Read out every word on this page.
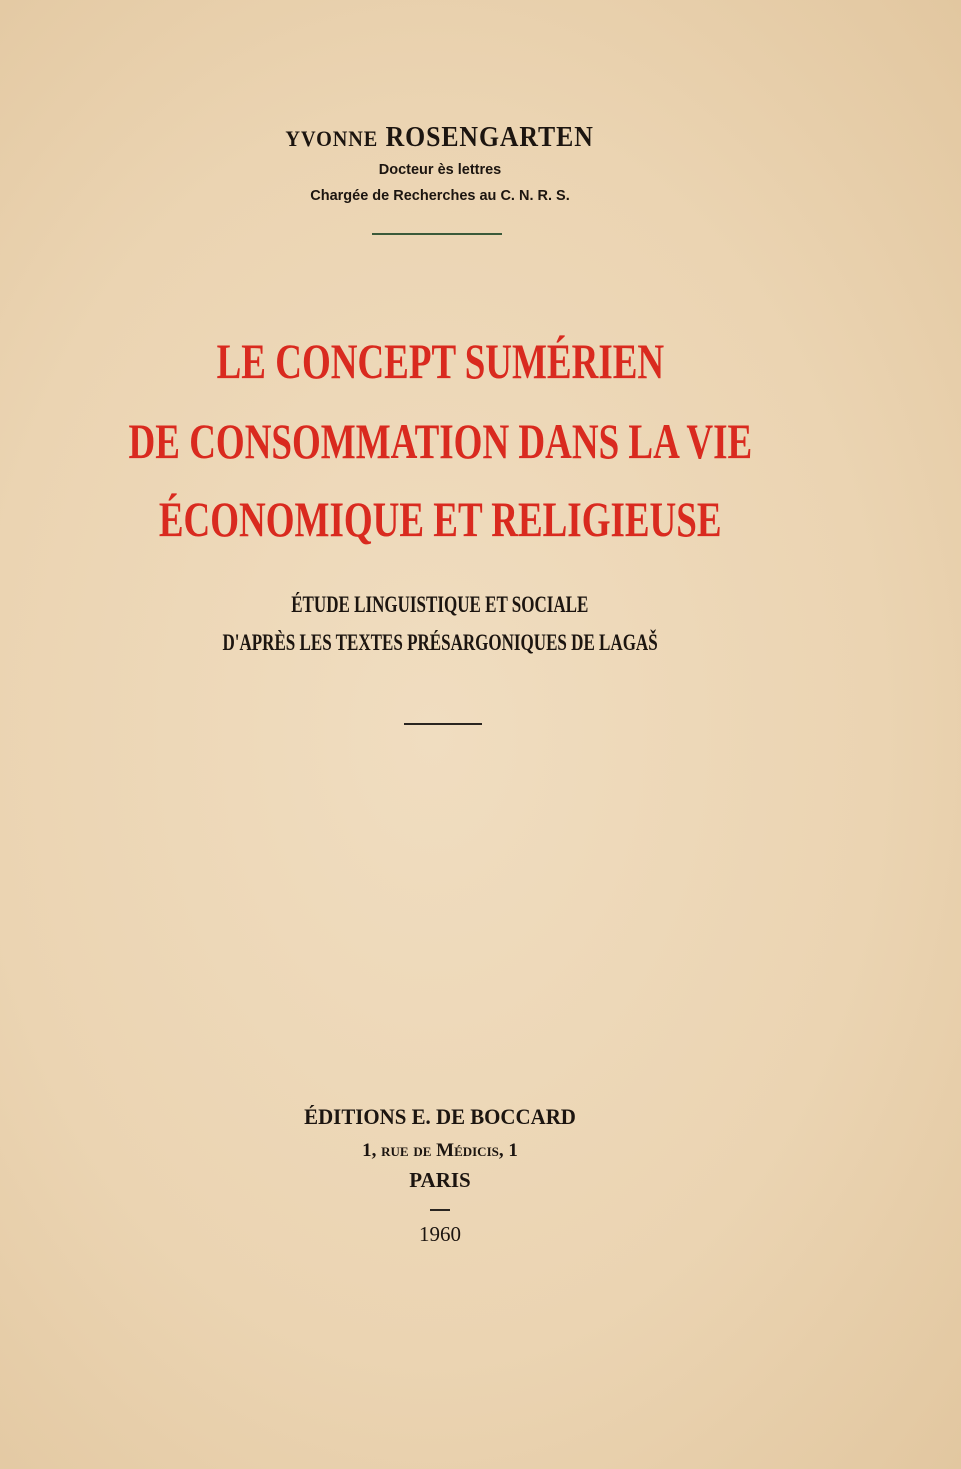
YVONNE ROSENGARTEN
Docteur ès lettres
Chargée de Recherches au C. N. R. S.
LE CONCEPT SUMÉRIEN
DE CONSOMMATION DANS LA VIE
ÉCONOMIQUE ET RELIGIEUSE
ÉTUDE LINGUISTIQUE ET SOCIALE
D'APRÈS LES TEXTES PRÉSARGONIQUES DE LAGAŠ
ÉDITIONS E. DE BOCCARD
1, rue de Médicis, 1
PARIS
1960
